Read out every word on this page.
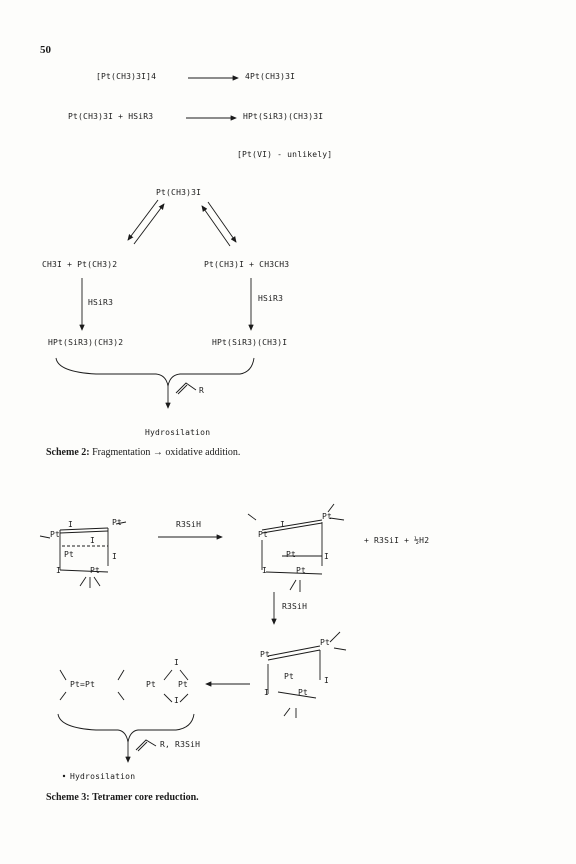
50
[Pt(CH3)3I]4	4Pt(CH3)3I
Pt(CH3)3I + HSiR3	HPt(SiR3)(CH3)3I
[Pt(VI) - unlikely]
Pt(CH3)3I
CH3I + Pt(CH3)2	Pt(CH3)I + CH3CH3
HSiR3	HSiR3
HPt(SiR3)(CH3)2	HPt(SiR3)(CH3)I
R
Hydrosilation
Scheme 2: Fragmentation → oxidative addition.
Pt
I	Pt
I
Pt	I
I	Pt
R3SiH
Pt
I
Pt
Pt	I
I	Pt
+ R3SiI + ½H2
R3SiH
Pt
Pt
Pt	I
I	Pt
Pt=Pt
I
Pt	Pt
I
R, R3SiH
Hydrosilation
Scheme 3: Tetramer core reduction.
